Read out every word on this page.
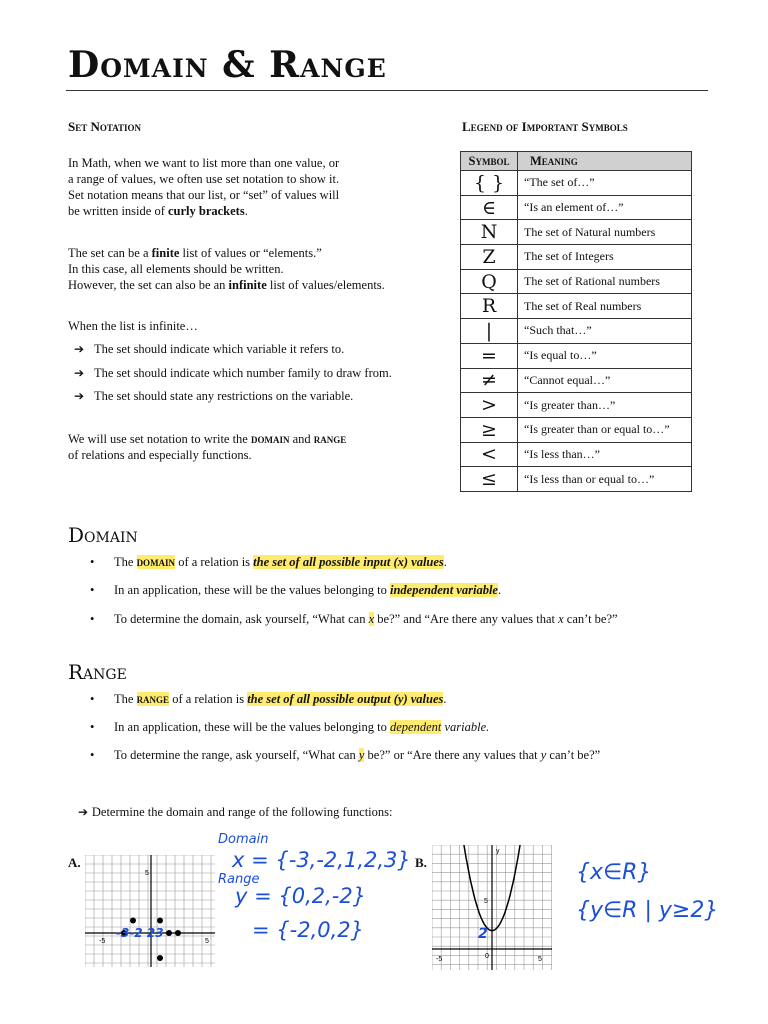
Domain & Range
Set Notation
In Math, when we want to list more than one value, or
a range of values, we often use set notation to show it.
Set notation means that our list, or “set” of values will
be written inside of curly brackets.
The set can be a finite list of values or “elements.”
In this case, all elements should be written.
However, the set can also be an infinite list of values/elements.
When the list is infinite…
➔ The set should indicate which variable it refers to.
➔ The set should indicate which number family to draw from.
➔ The set should state any restrictions on the variable.
We will use set notation to write the domain and range
of relations and especially functions.
Legend of Important Symbols
Symbol	Meaning
{ }	“The set of…”
∈	“Is an element of…”
N	The set of Natural numbers
Z	The set of Integers
Q	The set of Rational numbers
R	The set of Real numbers
|	“Such that…”
=	“Is equal to…”
≠	“Cannot equal…”
>	“Is greater than…”
≥	“Is greater than or equal to…”
<	“Is less than…”
≤	“Is less than or equal to…”
Domain
• The domain of a relation is the set of all possible input (x) values.
• In an application, these will be the values belonging to independent variable.
• To determine the domain, ask yourself, “What can x be?” and “Are there any values that x can’t be?”
Range
• The range of a relation is the set of all possible output (y) values.
• In an application, these will be the values belonging to dependent variable.
• To determine the range, ask yourself, “What can y be?” or “Are there any values that y can’t be?”
➔ Determine the domain and range of the following functions:
A.	B.
5
-5	5
y
5
-5	5
0
Domain
x = {-3,-2,1,2,3}
Range
y = {0,2,-2}
= {-2,0,2}
-3-2 23	2
{x∈R}
{y∈R | y≥2}
